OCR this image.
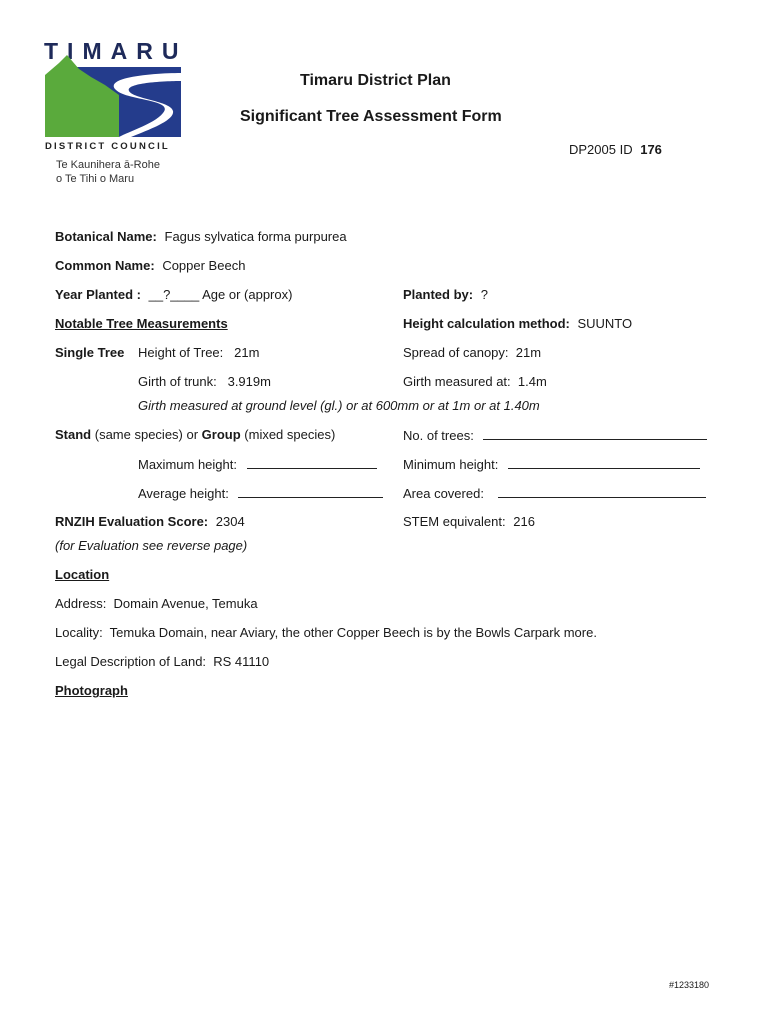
TIMARU
DISTRICT COUNCIL
Te Kaunihera ā-Rohe
o Te Tihi o Maru
Timaru District Plan
Significant Tree Assessment Form
DP2005 ID 176
Botanical Name: Fagus sylvatica forma purpurea
Common Name: Copper Beech
Year Planted : __?____ Age or (approx)	Planted by: ?
Notable Tree Measurements	Height calculation method: SUUNTO
Single Tree Height of Tree:   21m	Spread of canopy:  21m
Girth of trunk:   3.919m	Girth measured at:  1.4m
Girth measured at ground level (gl.) or at 600mm or at 1m or at 1.40m
Stand (same species) or Group (mixed species)	No. of trees:
Maximum height:	Minimum height:
Average height:	Area covered:
RNZIH Evaluation Score: 2304	STEM equivalent: 216
(for Evaluation see reverse page)
Location
Address:  Domain Avenue, Temuka
Locality:  Temuka Domain, near Aviary, the other Copper Beech is by the Bowls Carpark more.
Legal Description of Land:  RS 41110
Photograph
#1233180
